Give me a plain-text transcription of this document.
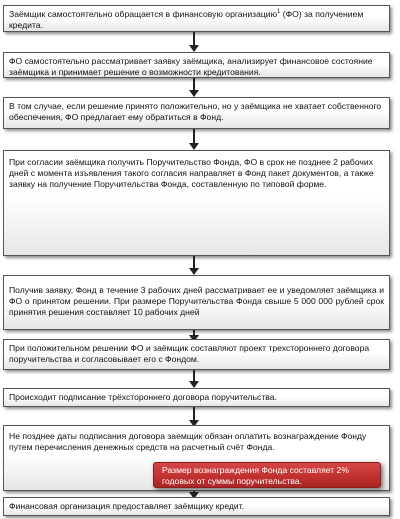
Заёмщик самостоятельно обращается в финансовую организацию$^1$ (ФО) за получением кредита.
ФО самостоятельно рассматривает заявку заёмщика, анализирует финансовое состояние заёмщика и принимает решение о возможности кредитования.
В том случае, если решение принято положительно, но у заёмщика не хватает собственного обеспечения, ФО предлагает ему обратиться в Фонд.
При согласии заёмщика получить Поручительство Фонда, ФО в срок не позднее 2 рабочих дней с момента изъявления такого согласия направляет в Фонд пакет документов, а также заявку на получение Поручительства Фонда, составленную по типовой форме.
Получив заявку, Фонд в течение 3 рабочих дней рассматривает ее и уведомляет заёмщика и ФО о принятом решении. При размере Поручительства Фонда свыше 5 000 000 рублей срок принятия решения составляет 10 рабочих дней
При положительном решении ФО и заёмщик составляют проект трехстороннего договора поручительства и согласовывает его с Фондом.
Происходит подписание трёхстороннего договора поручительства.
Не позднее даты подписания договора заемщик обязан оплатить вознаграждение Фонду путем перечисления денежных средств на расчетный счёт Фонда.
Размер вознаграждения Фонда составляет 2% годовых от суммы поручительства.
Финансовая организация предоставляет заёмщику кредит.
